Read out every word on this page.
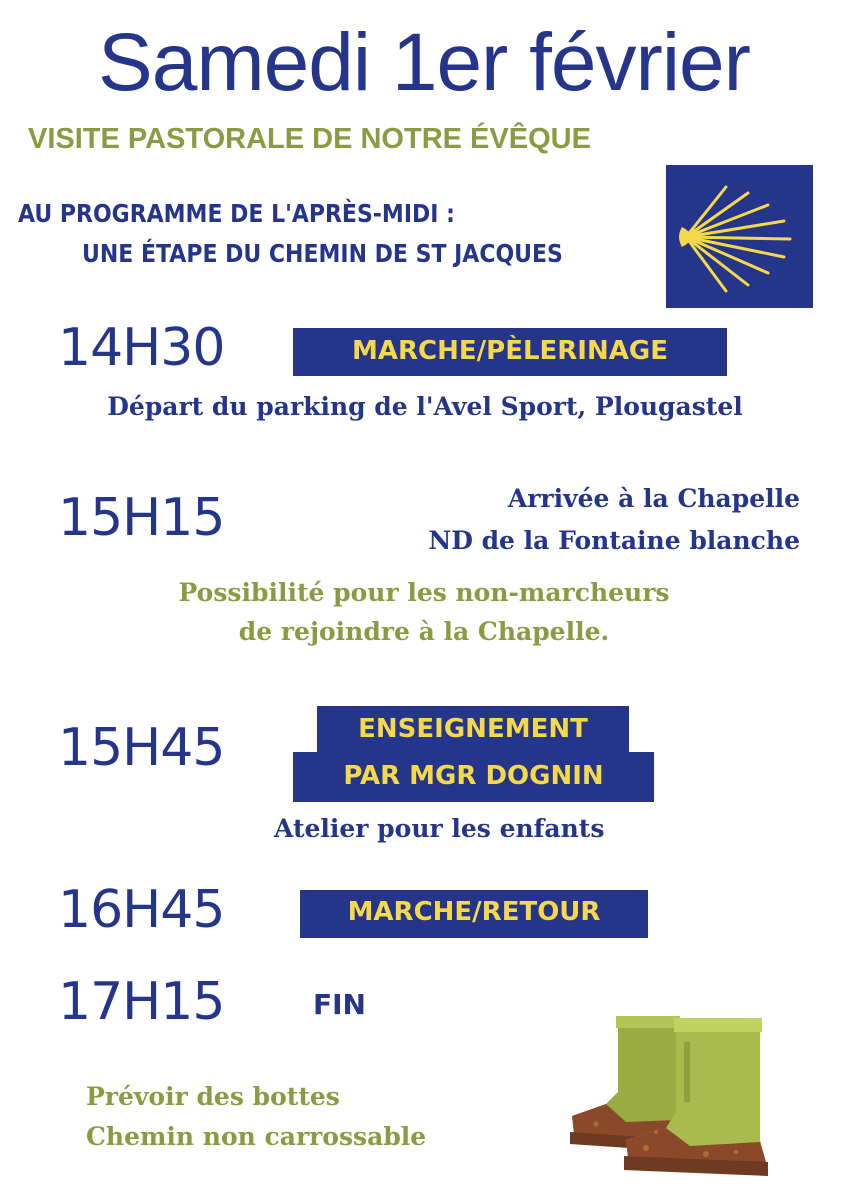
Samedi 1er février
VISITE PASTORALE DE NOTRE ÉVÊQUE
AU PROGRAMME DE L'APRÈS-MIDI :
UNE ÉTAPE DU CHEMIN DE ST JACQUES
14H30	MARCHE/PÈLERINAGE
Départ du parking de l'Avel Sport, Plougastel
15H15	Arrivée à la Chapelle
ND de la Fontaine blanche
Possibilité pour les non-marcheurs
de rejoindre à la Chapelle.
15H45	ENSEIGNEMENT
PAR MGR DOGNIN
Atelier pour les enfants
16H45	MARCHE/RETOUR
17H15	FIN
Prévoir des bottes
Chemin non carrossable
